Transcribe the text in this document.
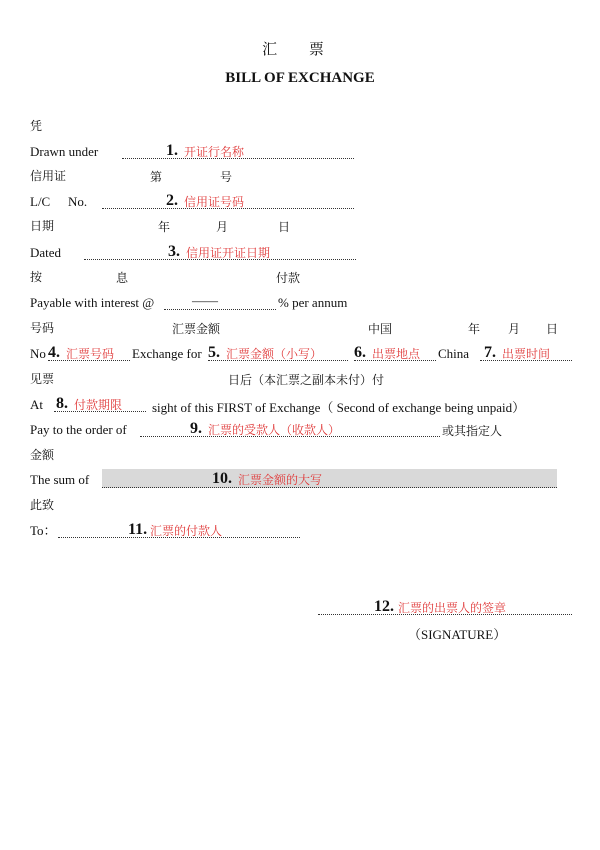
汇 票
BILL OF EXCHANGE
凭
Drawn under	1. 开证行名称
信用证	第	号
L/C No.	2. 信用证号码
日期	年	月	日
Dated	3. 信用证开证日期
按	息	付款
Payable with interest @	——	% per annum
号码	汇票金额	中国	年 月 日
No 4. 汇票号码 Exchange for 5. 汇票金额（小写） 6. 出票地点 China 7. 出票时间
见票	日后（本汇票之副本未付）付
At 8. 付款期限 sight of this FIRST of Exchange（ Second of exchange being unpaid）
Pay to the order of	9. 汇票的受款人（收款人）	或其指定人
金额
The sum of	10. 汇票金额的大写
此致
To：	11. 汇票的付款人
12. 汇票的出票人的签章
（SIGNATURE）
